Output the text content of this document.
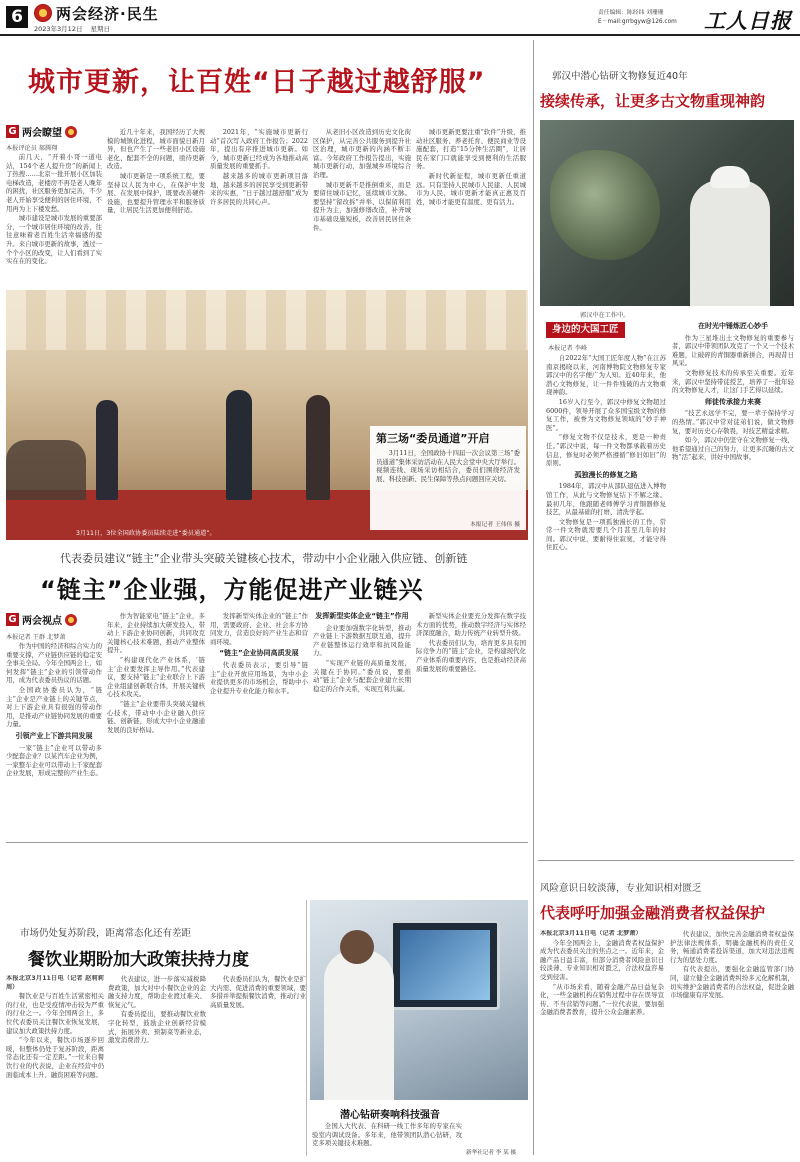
6
2023年3月12日 星期日
两会经济·民生	责任编辑：陈经纬 刘珊珊
E－mail:grrbgyw@126.com 工人日报
城市更新，让百姓“日子越过越舒服”
G 两会瞭望
本报评论员 郝腾翔

前几天，“开着小哥一道电站，154个老人提升房”的新闻上了热搜……北京一批开展小区加装电梯改造，老楼房不再是老人晚年的困扰，社区服务更加完善，不少老人开始享受便利的居住环境，不用再为上下楼发愁。

城市建设是城市发展的重要部分，一个城市居住环境的改善，往往意味着老百姓生活幸福感的提升。来自城市更新的故事，透过一个个小区的改变，让人们看到了实实在在的变化。

近几十年来，我国经历了大规模的城镇化进程，城市面貌日新月异，但也产生了一些老旧小区设施老化、配套不全的问题，亟待更新改造。

城市更新是一项系统工程，要坚持以人民为中心，在保护中发展、在发展中保护，既要改善硬件设施，也要提升管理水平和服务质量，让居民生活更加便利舒适。

2021年，“实施城市更新行动”首次写入政府工作报告；2022年，提出有序推进城市更新。如今，城市更新已经成为各地推动高质量发展的重要抓手。

越来越多的城市更新项目落地，越来越多的居民享受到更新带来的实惠，“日子越过越舒服”成为许多居民的共同心声。

从老旧小区改造到历史文化街区保护，从完善公共服务到提升社区治理，城市更新的内涵不断丰富。今年政府工作报告提出，实施城市更新行动，加强城乡环境综合治理。

城市更新不是推倒重来，而是要留住城市记忆，延续城市文脉。要坚持“留改拆”并举、以保留利用提升为主，加强修缮改造，补齐城市基础设施短板，改善居民居住条件。

城市更新更要注重“软件”升级，推动社区服务、养老托育、便民商业等设施配套，打造“15分钟生活圈”，让居民在家门口就能享受到便利的生活服务。

新时代新征程，城市更新任重道远。只有坚持人民城市人民建、人民城市为人民，城市更新才能真正惠及百姓，城市才能更有温度、更有活力。

第三场“委员通道”开启
3月11日，全国政协十四届一次会议第三场“委员通道”集体采访活动在人民大会堂中央大厅举行。视频连线、现场采访相结合，委员们围绕经济发展、科技创新、民生保障等热点问题回应关切。
本报记者 王伟伟 摄
3月11日，3位全国政协委员陆续走进“委员通道”。
代表委员建议“链主”企业带头突破关键核心技术，带动中小企业融入供应链、创新链
“链主”企业强，方能促进产业链兴
G 两会视点
本报记者 王群 北梦萧

作为中国的经济和综合实力的重要支撑，产业链供应链的稳定安全事关全局。今年全国两会上，如何发挥“链主”企业的引领带动作用，成为代表委员热议的话题。

全国政协委员认为，“链主”企业是产业链上的关键节点，对上下游企业具有很强的带动作用，是推动产业链协同发展的重要力量。

引领产业上下游共同发展

一家“链主”企业可以带动多少配套企业？以某汽车企业为例，一家整车企业可以带动上千家配套企业发展，形成完整的产业生态。

作为智能家电“链主”企业，多年来，企业持续加大研发投入，带动上下游企业协同创新，共同攻克关键核心技术难题，推动产业整体提升。

“构建现代化产业体系，‘链主’企业要发挥主导作用。”代表建议，要支持“链主”企业联合上下游企业组建创新联合体，开展关键核心技术攻关。

“链主”企业要带头突破关键核心技术，带动中小企业融入供应链、创新链，形成大中小企业融通发展的良好格局。

发挥新型实体企业的“链主”作用，需要政府、企业、社会多方协同发力，营造良好的产业生态和营商环境。

“链主”企业协同高质发展

代表委员表示，要引导“链主”企业开放应用场景，为中小企业提供更多的市场机会，帮助中小企业提升专业化能力和水平。

发挥新型实体企业“链主”作用

企业要加强数字化转型，推动产业链上下游数据互联互通，提升产业链整体运行效率和抗风险能力。

“实现产业链的高质量发展，关键在于协同。”委员说，要推动“链主”企业与配套企业建立长期稳定的合作关系，实现互利共赢。

新型实体企业要充分发挥在数字技术方面的优势，推动数字经济与实体经济深度融合，助力传统产业转型升级。

代表委员们认为，培育更多具有国际竞争力的“链主”企业，是构建现代化产业体系的重要内容，也是推动经济高质量发展的重要路径。

郭汉中潜心钻研文物修复近40年
接续传承，让更多古文物重现神韵
郭汉中在工作中。
身边的大国工匠
本报记者 李峰

自2022年“大国工匠年度人物”在江苏南京揭晓以来，河南博物院文物修复专家郭汉中的名字便广为人知。近40年来，他潜心文物修复，让一件件残破的古文物重现神韵。

16岁入行至今，郭汉中修复文物超过6000件，领导开展了众多国宝级文物的修复工作，被誉为文物修复领域的“妙手神医”。

“修复文物不仅是技术，更是一种责任。”郭汉中说，每一件文物都承载着历史信息，修复时必须严格遵循“修旧如旧”的原则。

孤独漫长的修复之路

1984年，郭汉中从部队退伍进入博物馆工作，从此与文物修复结下不解之缘。最初几年，他跟随老师傅学习青铜器修复技艺，从最基础的打磨、清洗学起。

文物修复是一项孤独漫长的工作，常常一件文物就需要几个月甚至几年的时间。郭汉中说，要耐得住寂寞，才能守得住匠心。

在时光中锤炼匠心妙手

作为三星堆出土文物修复的重要参与者，郭汉中带领团队攻克了一个又一个技术难题，让破碎的青铜器重新拼合，再现昔日风采。

文物修复技术的传承至关重要。近年来，郭汉中坚持带徒授艺，培养了一批年轻的文物修复人才，让这门手艺得以延续。

师徒传承接力来赛

“技艺永远学不完，要一辈子保持学习的热情。”郭汉中常对徒弟们说，做文物修复，要对历史心存敬畏，对技艺精益求精。

如今，郭汉中仍坚守在文物修复一线，他希望通过自己的努力，让更多沉睡的古文物“活”起来，讲好中国故事。

市场仍处复苏阶段，距离常态化还有差距
餐饮业期盼加大政策扶持力度
本报北京3月11日电（记者 赵莉莉 周）

餐饮业是与百姓生活紧密相关的行业，也是受疫情冲击较为严重的行业之一。今年全国两会上，多位代表委员关注餐饮业恢复发展，建议加大政策扶持力度。

“今年以来，餐饮市场逐步回暖，但整体仍处于复苏阶段，距离常态化还有一定差距。”一位来自餐饮行业的代表说，企业在经营中仍面临成本上升、融资困难等问题。

代表建议，进一步落实减税降费政策，加大对中小餐饮企业的金融支持力度，帮助企业渡过难关、恢复元气。

有委员提出，要推动餐饮业数字化转型，鼓励企业创新经营模式，拓展外卖、预制菜等新业态，激发消费潜力。

代表委员们认为，餐饮业是扩大内需、促进消费的重要领域，要多措并举提振餐饮消费，推动行业高质量发展。

潜心钻研奏响科技强音
全国人大代表、在科研一线工作多年的专家在实验室内调试设备。多年来，他带领团队潜心钻研，攻克多项关键技术难题。
新华社记者 李 某 摄
风险意识日较淡薄，专业知识相对匮乏
代表呼吁加强金融消费者权益保护
本报北京3月11日电（记者 北梦萧）

今年全国两会上，金融消费者权益保护成为代表委员关注的焦点之一。近年来，金融产品日益丰富，但部分消费者风险意识日较淡薄、专业知识相对匮乏，合法权益容易受到侵害。

“从市场来看，随着金融产品日益复杂化，一些金融机构在销售过程中存在误导宣传、不当营销等问题。”一位代表说，要加强金融消费者教育，提升公众金融素养。

代表建议，加快完善金融消费者权益保护法律法规体系，明确金融机构的责任义务，畅通消费者投诉渠道，加大对违法违规行为的惩处力度。

有代表提出，要强化金融监管部门协同，建立健全金融消费纠纷多元化解机制，切实维护金融消费者的合法权益，促进金融市场健康有序发展。
